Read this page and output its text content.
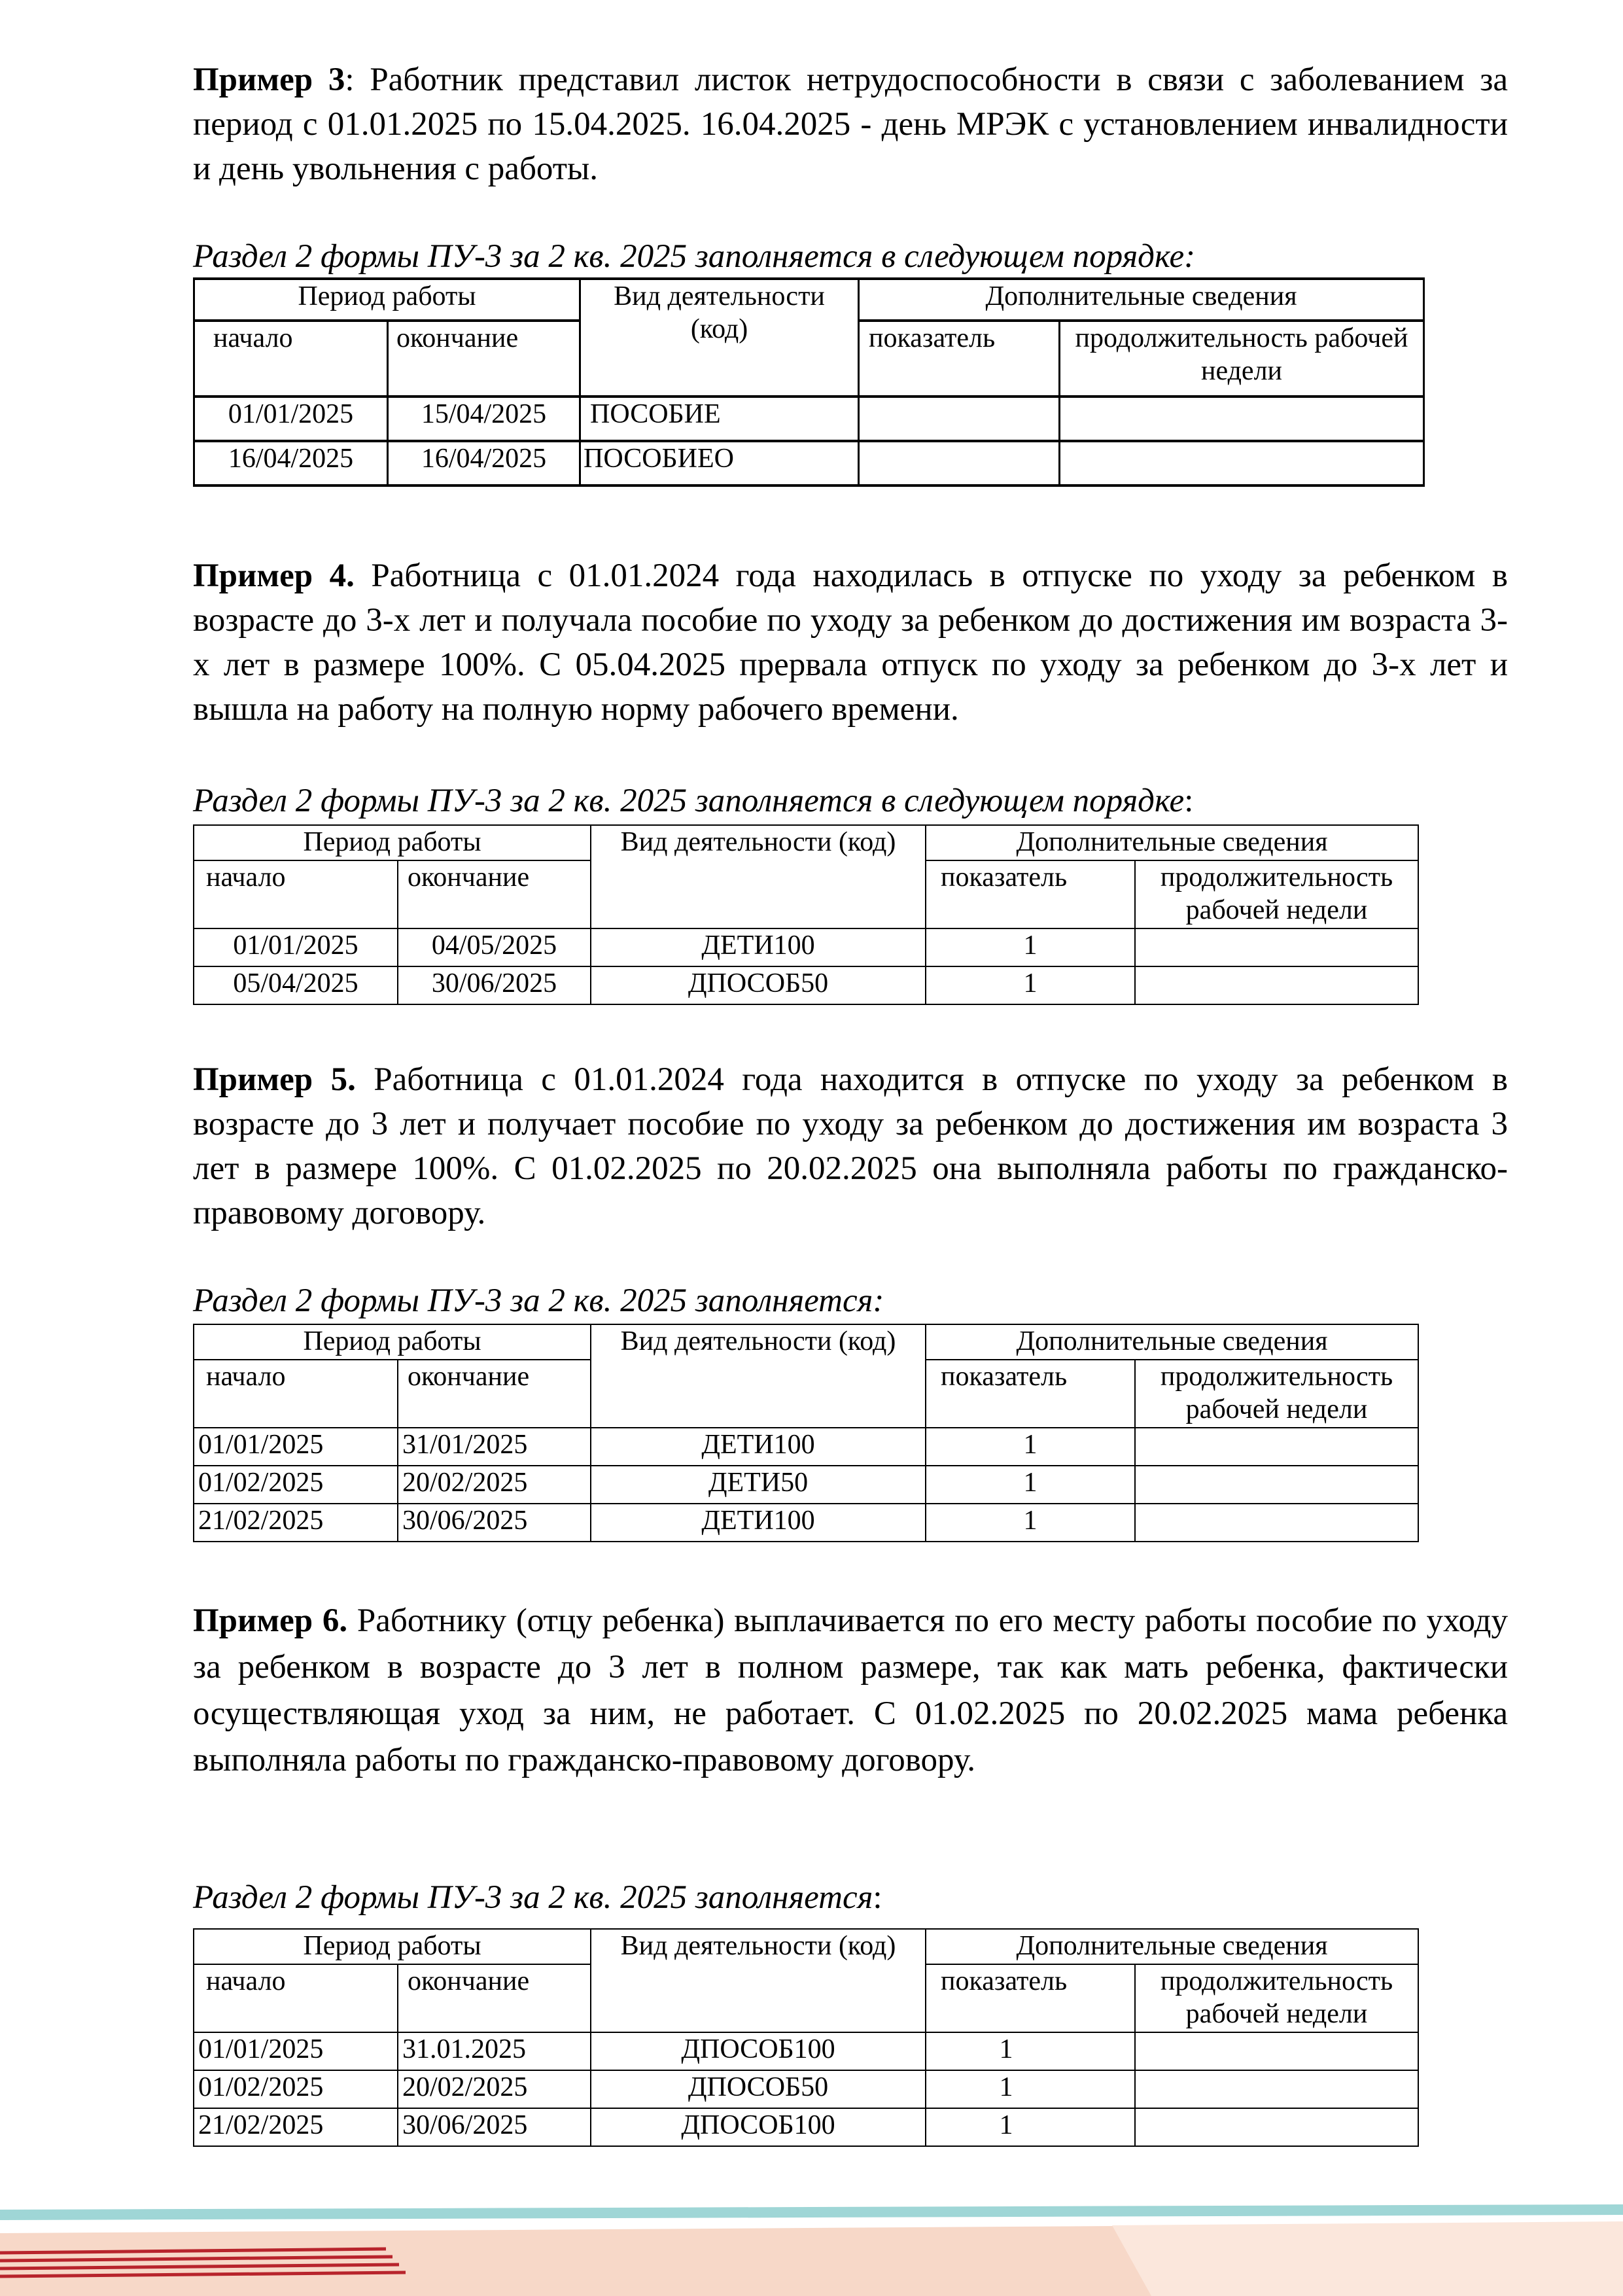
Пример 3: Работник представил листок нетрудоспособности в связи с заболеванием за период с 01.01.2025 по 15.04.2025. 16.04.2025 - день МРЭК с установлением инвалидности и день увольнения с работы.

Раздел 2 формы ПУ-3 за 2 кв. 2025 заполняется в следующем порядке:

Период работы		Вид деятельности (код)	Дополнительные сведения	
начало	окончание		показатель	продолжительность рабочей недели
01/01/2025	15/04/2025	ПОСОБИЕ		
16/04/2025	16/04/2025	ПОСОБИЕО		

Пример 4. Работница с 01.01.2024 года находилась в отпуске по уходу за ребенком в возрасте до 3-х лет и получала пособие по уходу за ребенком до достижения им возраста 3-х лет в размере 100%. С 05.04.2025 прервала отпуск по уходу за ребенком до 3-х лет и вышла на работу на полную норму рабочего времени.

Раздел 2 формы ПУ-3 за 2 кв. 2025 заполняется в следующем порядке:

Период работы		Вид деятельности (код)	Дополнительные сведения	
начало	окончание		показатель	продолжительность рабочей недели
01/01/2025	04/05/2025	ДЕТИ100	1	
05/04/2025	30/06/2025	ДПОСОБ50	1	

Пример 5. Работница с 01.01.2024 года находится в отпуске по уходу за ребенком в возрасте до 3 лет и получает пособие по уходу за ребенком до достижения им возраста 3 лет в размере 100%. С 01.02.2025 по 20.02.2025 она выполняла работы по гражданско-правовому договору.

Раздел 2 формы ПУ-3 за 2 кв. 2025 заполняется:

Период работы		Вид деятельности (код)	Дополнительные сведения	
начало	окончание		показатель	продолжительность рабочей недели
01/01/2025	31/01/2025	ДЕТИ100	1	
01/02/2025	20/02/2025	ДЕТИ50	1	
21/02/2025	30/06/2025	ДЕТИ100	1	

Пример 6. Работнику (отцу ребенка) выплачивается по его месту работы пособие по уходу за ребенком в возрасте до 3 лет в полном размере, так как мать ребенка, фактически осуществляющая уход за ним, не работает. С 01.02.2025 по 20.02.2025 мама ребенка выполняла работы по гражданско-правовому договору.

Раздел 2 формы ПУ-3 за 2 кв. 2025 заполняется:

Период работы		Вид деятельности (код)	Дополнительные сведения	
начало	окончание		показатель	продолжительность рабочей недели
01/01/2025	31.01.2025	ДПОСОБ100	1	
01/02/2025	20/02/2025	ДПОСОБ50	1	
21/02/2025	30/06/2025	ДПОСОБ100	1	
